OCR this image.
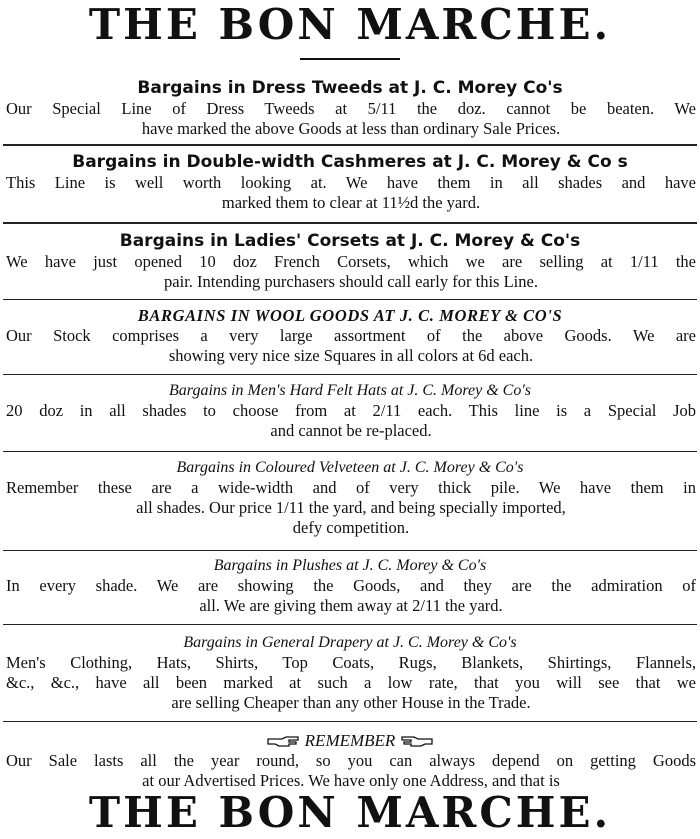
THE BON MARCHE.
Bargains in Dress Tweeds at J. C. Morey Co's
Our Special Line of Dress Tweeds at 5/11 the doz. cannot be beaten. We
have marked the above Goods at less than ordinary Sale Prices.
Bargains in Double-width Cashmeres at J. C. Morey & Co s
This Line is well worth looking at. We have them in all shades and have
marked them to clear at 11½d the yard.
Bargains in Ladies' Corsets at J. C. Morey & Co's
We have just opened 10 doz French Corsets, which we are selling at 1/11 the
pair. Intending purchasers should call early for this Line.
BARGAINS IN WOOL GOODS AT J. C. MOREY & CO'S
Our Stock comprises a very large assortment of the above Goods. We are
showing very nice size Squares in all colors at 6d each.
Bargains in Men's Hard Felt Hats at J. C. Morey & Co's
20 doz in all shades to choose from at 2/11 each. This line is a Special Job
and cannot be re-placed.
Bargains in Coloured Velveteen at J. C. Morey & Co's
Remember these are a wide-width and of very thick pile. We have them in
all shades. Our price 1/11 the yard, and being specially imported,
defy competition.
Bargains in Plushes at J. C. Morey & Co's
In every shade. We are showing the Goods, and they are the admiration of
all. We are giving them away at 2/11 the yard.
Bargains in General Drapery at J. C. Morey & Co's
Men's Clothing, Hats, Shirts, Top Coats, Rugs, Blankets, Shirtings, Flannels,
&c., &c., have all been marked at such a low rate, that you will see that we
are selling Cheaper than any other House in the Trade.
REMEMBER
Our Sale lasts all the year round, so you can always depend on getting Goods
at our Advertised Prices. We have only one Address, and that is
THE BON MARCHE.
